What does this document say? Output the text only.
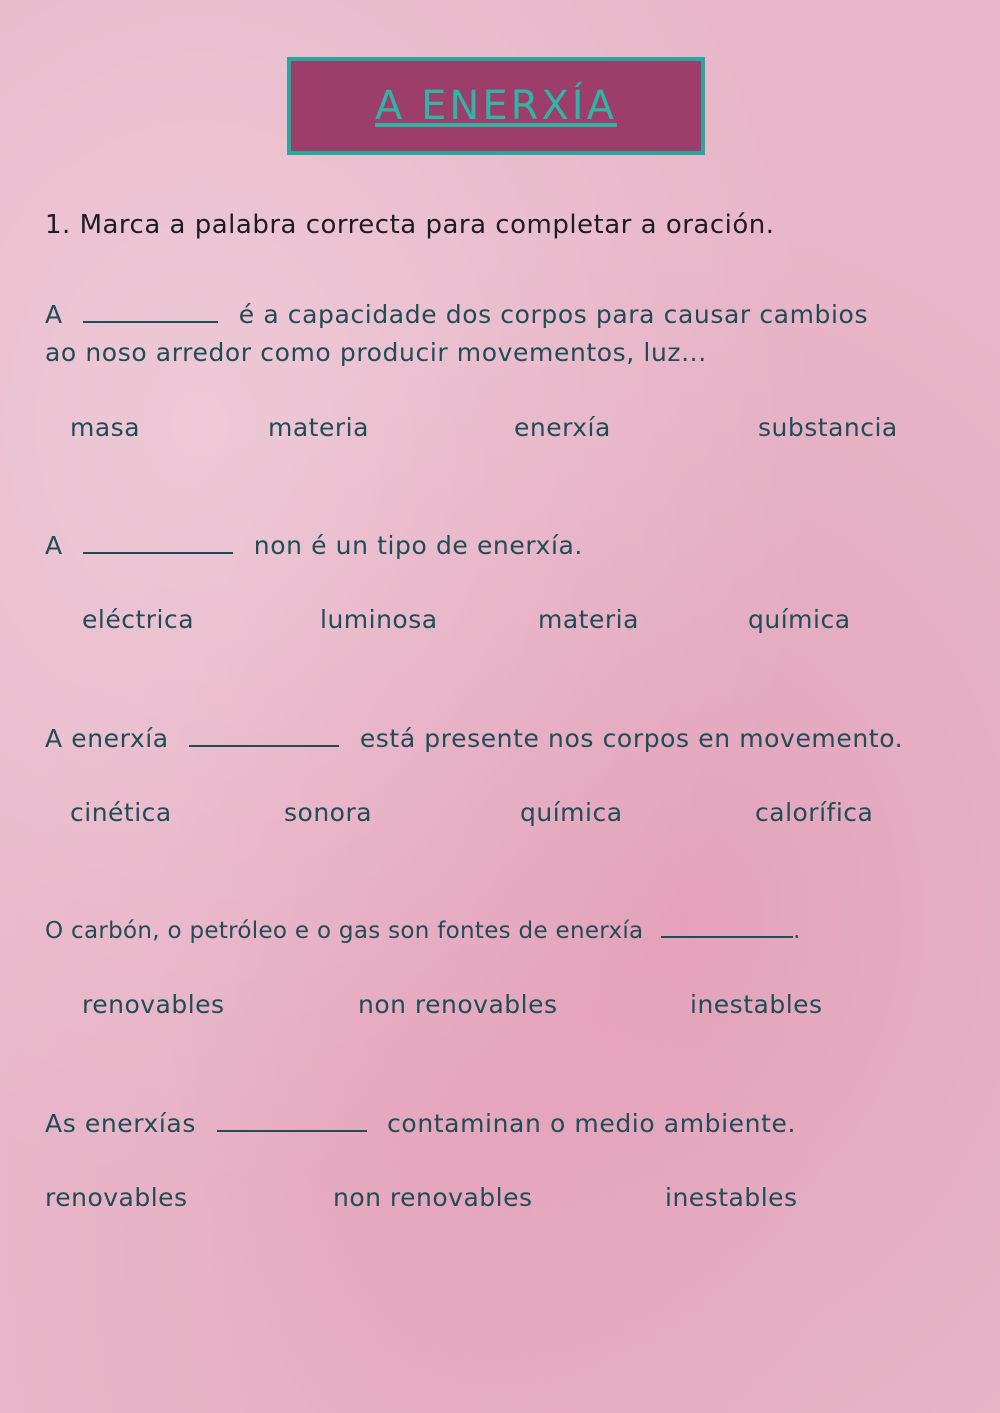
A ENERXÍA
1. Marca a palabra correcta para completar a oración.
A	é a capacidade dos corpos para causar cambios
ao noso arredor como producir movementos, luz...
masa	materia	enerxía	substancia
A	non é un tipo de enerxía.
eléctrica	luminosa	materia	química
A enerxía	está presente nos corpos en movemento.
cinética	sonora	química	calorífica
O carbón, o petróleo e o gas son fontes de enerxía	.
renovables	non renovables	inestables
As enerxías	contaminan o medio ambiente.
renovables	non renovables	inestables
